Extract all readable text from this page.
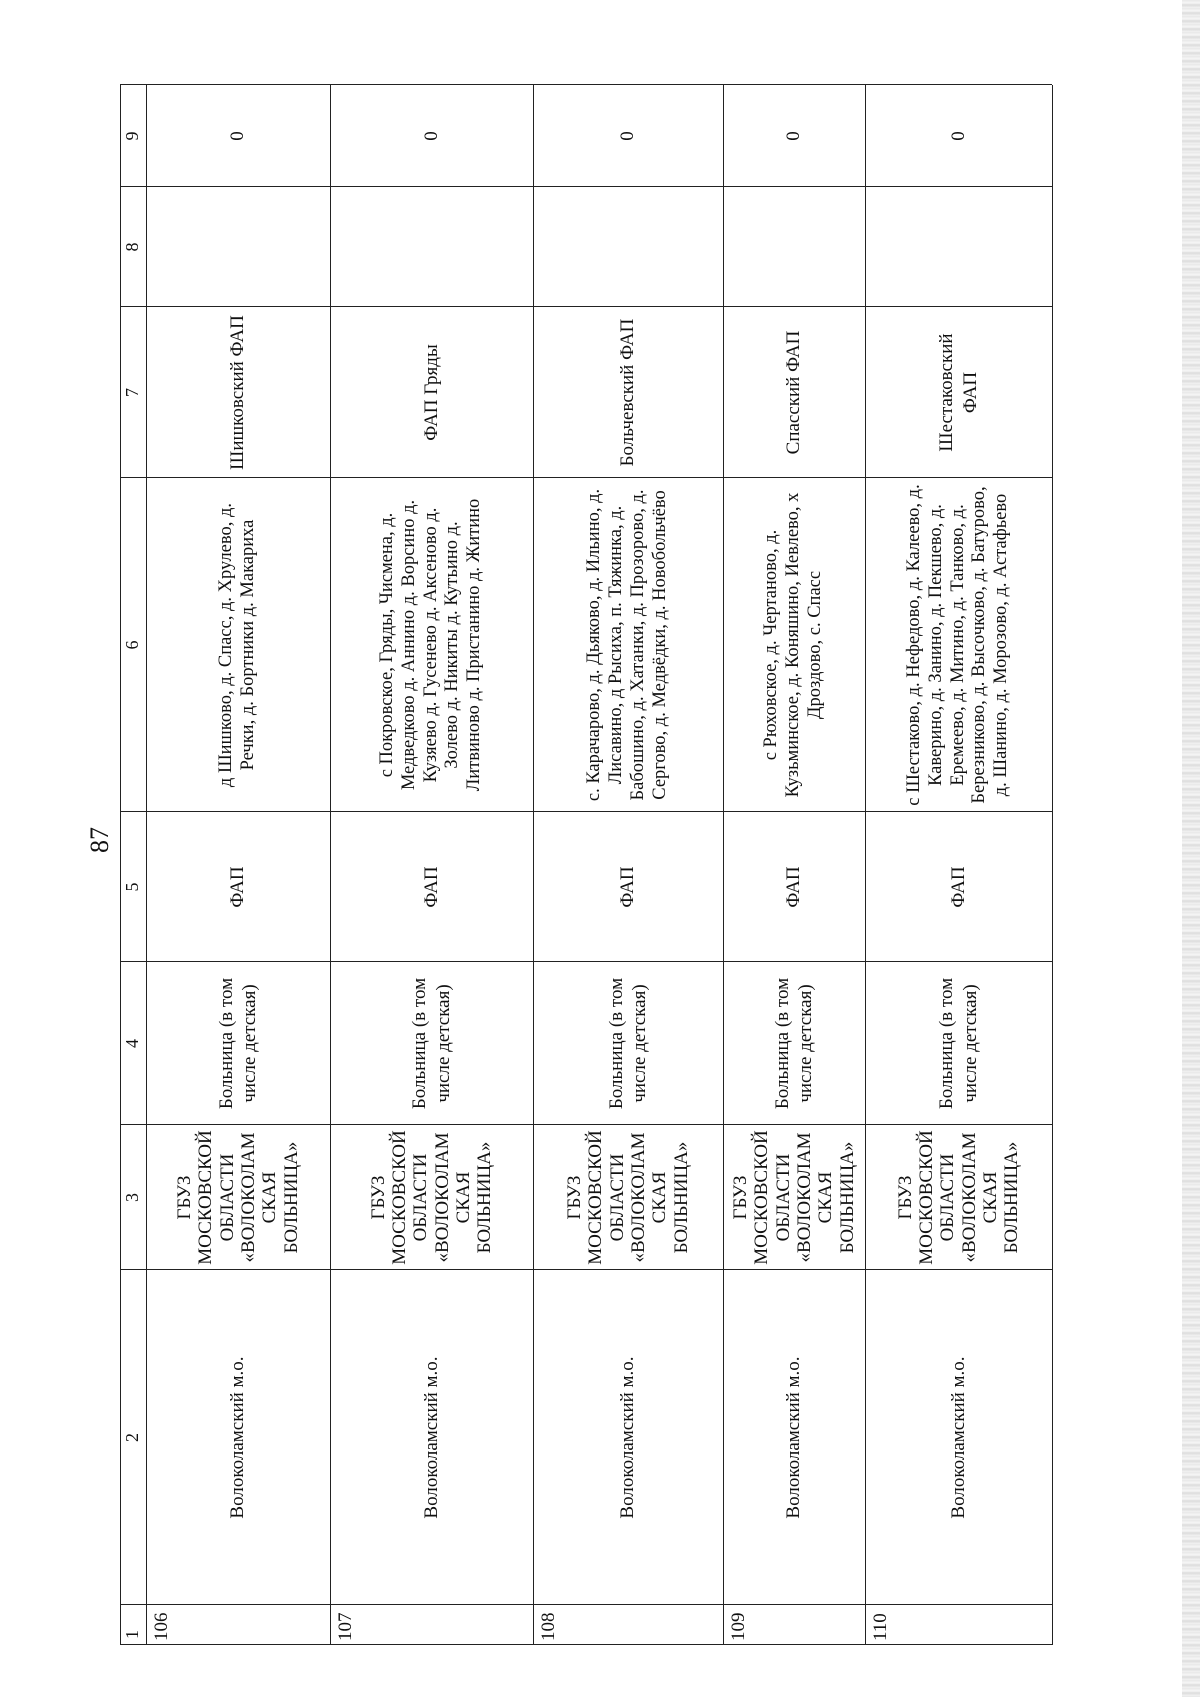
87
1
2
3
4
5
6
7
8
9
106
Волоколамский м.о.
ГБУЗ МОСКОВСКОЙ ОБЛАСТИ «ВОЛОКОЛАМ СКАЯ БОЛЬНИЦА»
Больница (в том числе детская)
ФАП
д Шишково, д. Спасс, д. Хрулево, д. Речки, д. Бортники д. Макариха
Шишковский ФАП
0
107
Волоколамский м.о.
ГБУЗ МОСКОВСКОЙ ОБЛАСТИ «ВОЛОКОЛАМ СКАЯ БОЛЬНИЦА»
Больница (в том числе детская)
ФАП
с Покровское, Гряды, Чисмена, д. Медведково д. Аннино д. Ворсино д. Кузяево д. Гусенево д. Аксеново д. Золево д. Никиты д. Кутьино д. Литвиново д. Пристанино д. Житино
ФАП Гряды
0
108
Волоколамский м.о.
ГБУЗ МОСКОВСКОЙ ОБЛАСТИ «ВОЛОКОЛАМ СКАЯ БОЛЬНИЦА»
Больница (в том числе детская)
ФАП
с. Карачарово, д. Дьяково, д. Ильино, д. Лисавино, д Рысиха, п. Тяжинка, д. Бабошино, д. Хатанки, д. Прозорово, д. Сергово, д. Медвёдки, д. Новобольчёво
Больчевский ФАП
0
109
Волоколамский м.о.
ГБУЗ МОСКОВСКОЙ ОБЛАСТИ «ВОЛОКОЛАМ СКАЯ БОЛЬНИЦА»
Больница (в том числе детская)
ФАП
с Рюховское, д. Чертаново, д. Кузьминское, д. Коняшино, Иевлево, х Дроздово, с. Спасс
Спасский ФАП
0
110
Волоколамский м.о.
ГБУЗ МОСКОВСКОЙ ОБЛАСТИ «ВОЛОКОЛАМ СКАЯ БОЛЬНИЦА»
Больница (в том числе детская)
ФАП
с Шестаково, д. Нефедово, д. Калеево, д. Каверино, д. Занино, д. Пекшево, д. Еремеево, д. Митино, д. Танково, д. Березниково, д. Высочково, д. Батурово, д. Шанино, д. Морозово, д. Астафьево
Шестаковский ФАП
0
